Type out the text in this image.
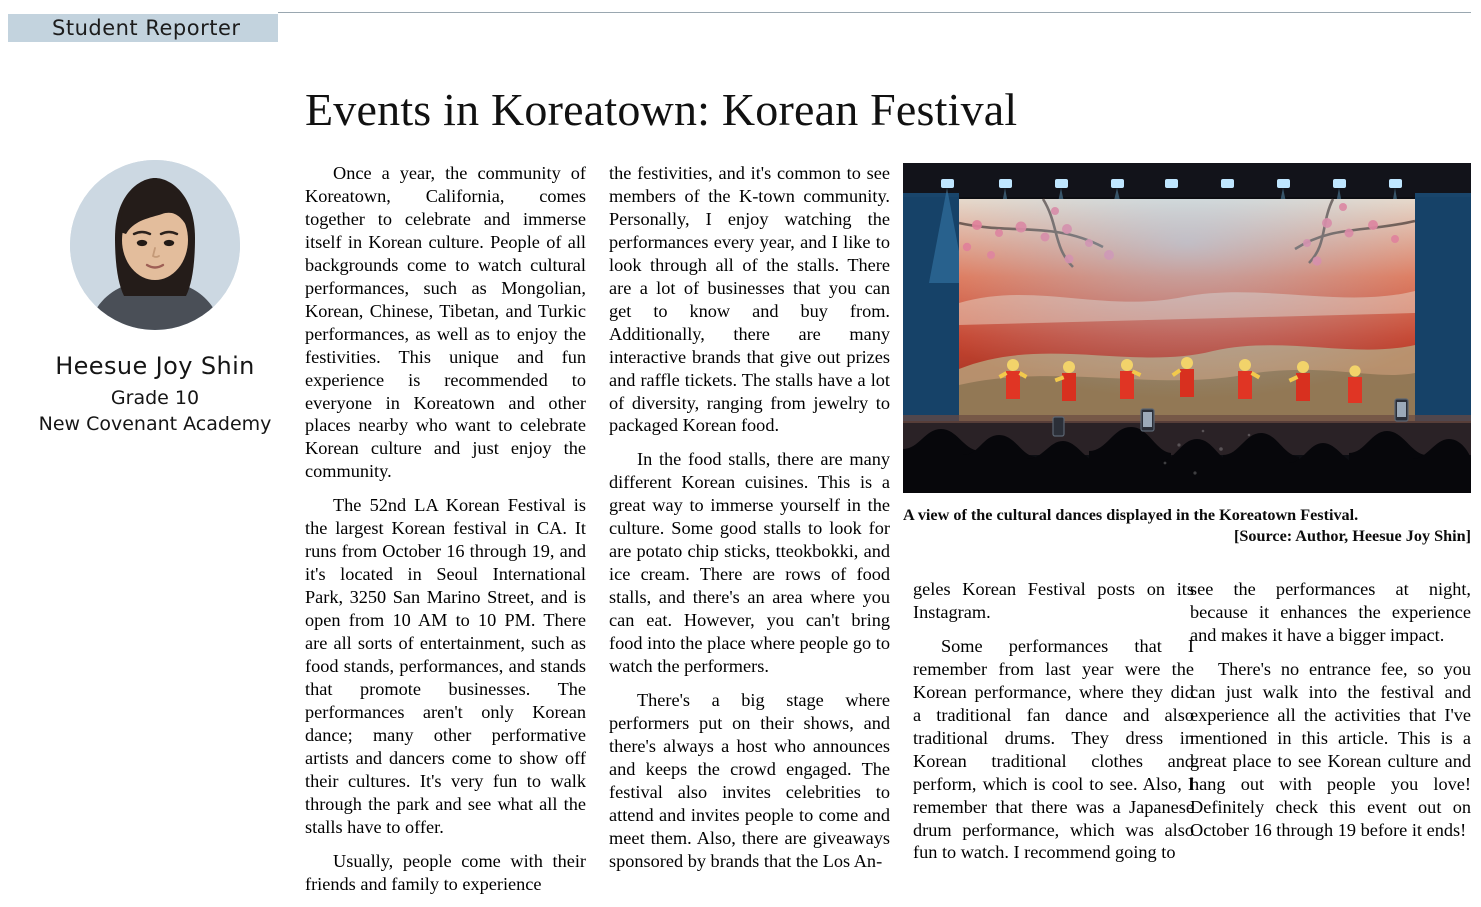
Student Reporter
Events in Koreatown: Korean Festival
Heesue Joy Shin
Grade 10
New Covenant Academy

Once a year, the community of Koreatown, California, comes together to celebrate and immerse itself in Korean culture. People of all backgrounds come to watch cultural performances, such as Mongolian, Korean, Chinese, Tibetan, and Turkic performances, as well as to enjoy the festivities. This unique and fun experience is recommended to everyone in Koreatown and other places nearby who want to celebrate Korean culture and just enjoy the community.

The 52nd LA Korean Festival is the largest Korean festival in CA. It runs from October 16 through 19, and it's located in Seoul International Park, 3250 San Marino Street, and is open from 10 AM to 10 PM. There are all sorts of entertainment, such as food stands, performances, and stands that promote businesses. The performances aren't only Korean dance; many other performative artists and dancers come to show off their cultures. It's very fun to walk through the park and see what all the stalls have to offer.

Usually, people come with their friends and family to experience

the festivities, and it's common to see members of the K-town community. Personally, I enjoy watching the performances every year, and I like to look through all of the stalls. There are a lot of businesses that you can get to know and buy from. Additionally, there are many interactive brands that give out prizes and raffle tickets. The stalls have a lot of diversity, ranging from jewelry to packaged Korean food.

In the food stalls, there are many different Korean cuisines. This is a great way to immerse yourself in the culture. Some good stalls to look for are potato chip sticks, tteokbokki, and ice cream. There are rows of food stalls, and there's an area where you can eat. However, you can't bring food into the place where people go to watch the performers.

There's a big stage where performers put on their shows, and there's always a host who announces and keeps the crowd engaged. The festival also invites celebrities to attend and invites people to come and meet them. Also, there are giveaways sponsored by brands that the Los An-

A view of the cultural dances displayed in the Koreatown Festival.
[Source: Author, Heesue Joy Shin]

geles Korean Festival posts on its Instagram.

Some performances that I remember from last year were the Korean performance, where they did a traditional fan dance and also traditional drums. They dress in Korean traditional clothes and perform, which is cool to see. Also, I remember that there was a Japanese drum performance, which was also fun to watch. I recommend going to

see the performances at night, because it enhances the experience and makes it have a bigger impact.

There's no entrance fee, so you can just walk into the festival and experience all the activities that I've mentioned in this article. This is a great place to see Korean culture and hang out with people you love! Definitely check this event out on October 16 through 19 before it ends!
